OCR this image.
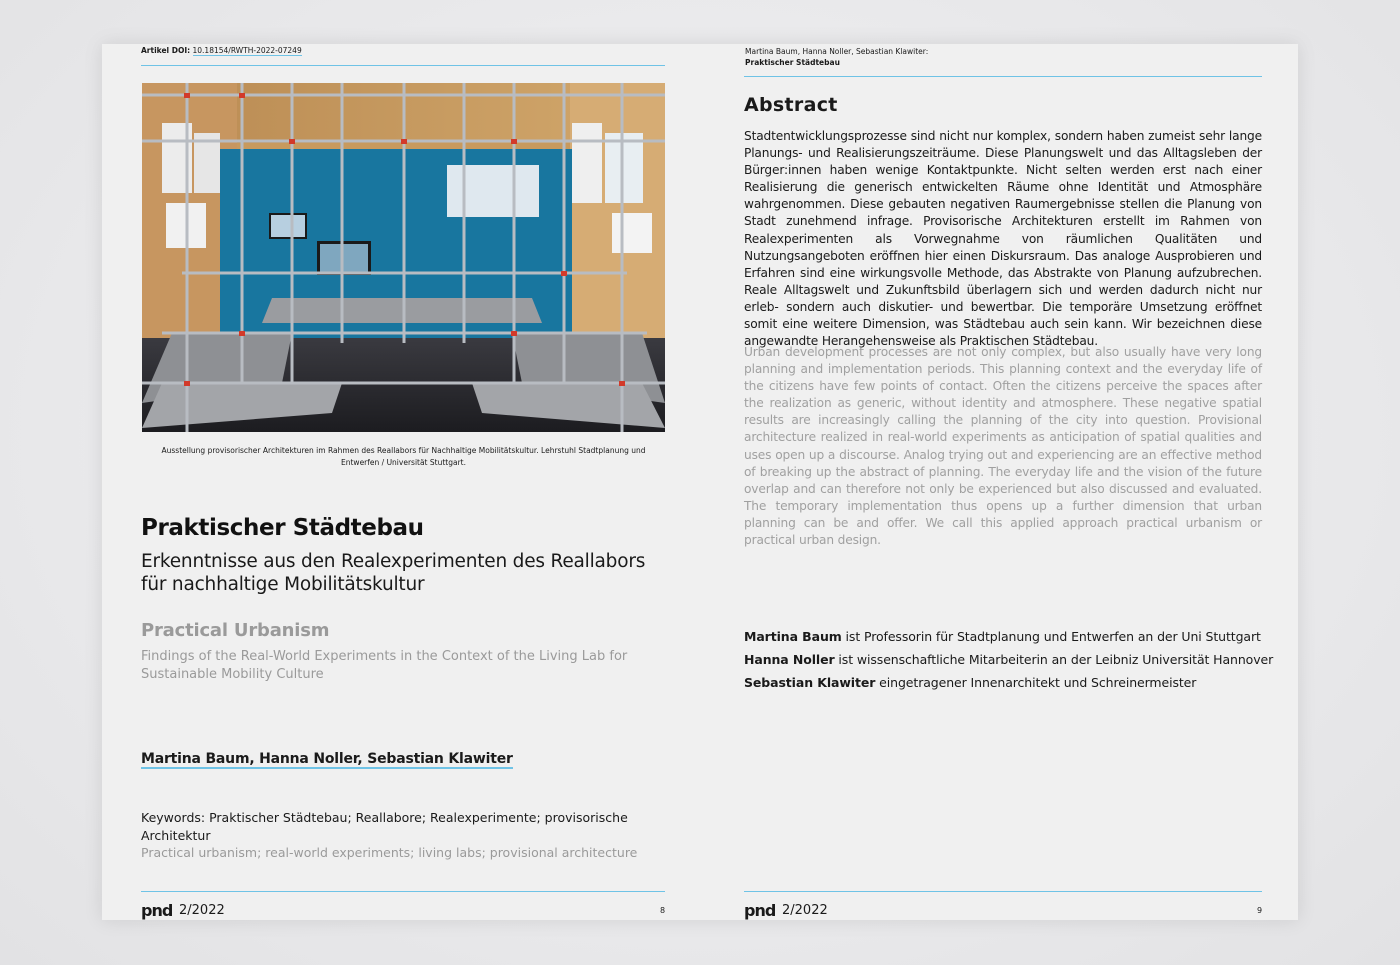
Artikel DOI: 10.18154/RWTH-2022-07249
Ausstellung provisorischer Architekturen im Rahmen des Reallabors für Nachhaltige Mobilitätskultur. Lehrstuhl Stadtplanung und Entwerfen / Universität Stuttgart.
Praktischer Städtebau
Erkenntnisse aus den Realexperimenten des Reallabors für nachhaltige Mobilitätskultur
Practical Urbanism
Findings of the Real-World Experiments in the Context of the Living Lab for Sustainable Mobility Culture
Martina Baum, Hanna Noller, Sebastian Klawiter
Keywords: Praktischer Städtebau; Reallabore; Realexperimente; provisorische Architektur
Practical urbanism; real-world experiments; living labs; provisional architecture
pnd 2/2022	8
Martina Baum, Hanna Noller, Sebastian Klawiter:
Praktischer Städtebau
Abstract
Stadtentwicklungsprozesse sind nicht nur komplex, sondern haben zumeist sehr lange Planungs- und Realisierungszeiträume. Diese Planungswelt und das Alltagsleben der Bürger:innen haben wenige Kontaktpunkte. Nicht selten werden erst nach einer Realisierung die generisch entwickelten Räume ohne Identität und Atmosphäre wahrgenommen. Diese gebauten negativen Raumergebnisse stellen die Planung von Stadt zunehmend infrage. Provisorische Architekturen erstellt im Rahmen von Realexperimenten als Vorwegnahme von räumlichen Qualitäten und Nutzungsangeboten eröffnen hier einen Diskursraum. Das analoge Ausprobieren und Erfahren sind eine wirkungsvolle Methode, das Abstrakte von Planung aufzubrechen. Reale Alltagswelt und Zukunftsbild überlagern sich und werden dadurch nicht nur erleb- sondern auch diskutier- und bewertbar. Die temporäre Umsetzung eröffnet somit eine weitere Dimension, was Städtebau auch sein kann. Wir bezeichnen diese angewandte Herangehensweise als Praktischen Städtebau.
Urban development processes are not only complex, but also usually have very long planning and implementation periods. This planning context and the everyday life of the citizens have few points of contact. Often the citizens perceive the spaces after the realization as generic, without identity and atmosphere. These negative spatial results are increasingly calling the planning of the city into question. Provisional architecture realized in real-world experiments as anticipation of spatial qualities and uses open up a discourse. Analog trying out and experiencing are an effective method of breaking up the abstract of planning. The everyday life and the vision of the future overlap and can therefore not only be experienced but also discussed and evaluated. The temporary implementation thus opens up a further dimension that urban planning can be and offer. We call this applied approach practical urbanism or practical urban design.
Martina Baum ist Professorin für Stadtplanung und Entwerfen an der Uni Stuttgart
Hanna Noller ist wissenschaftliche Mitarbeiterin an der Leibniz Universität Hannover
Sebastian Klawiter eingetragener Innenarchitekt und Schreinermeister
pnd 2/2022	9
